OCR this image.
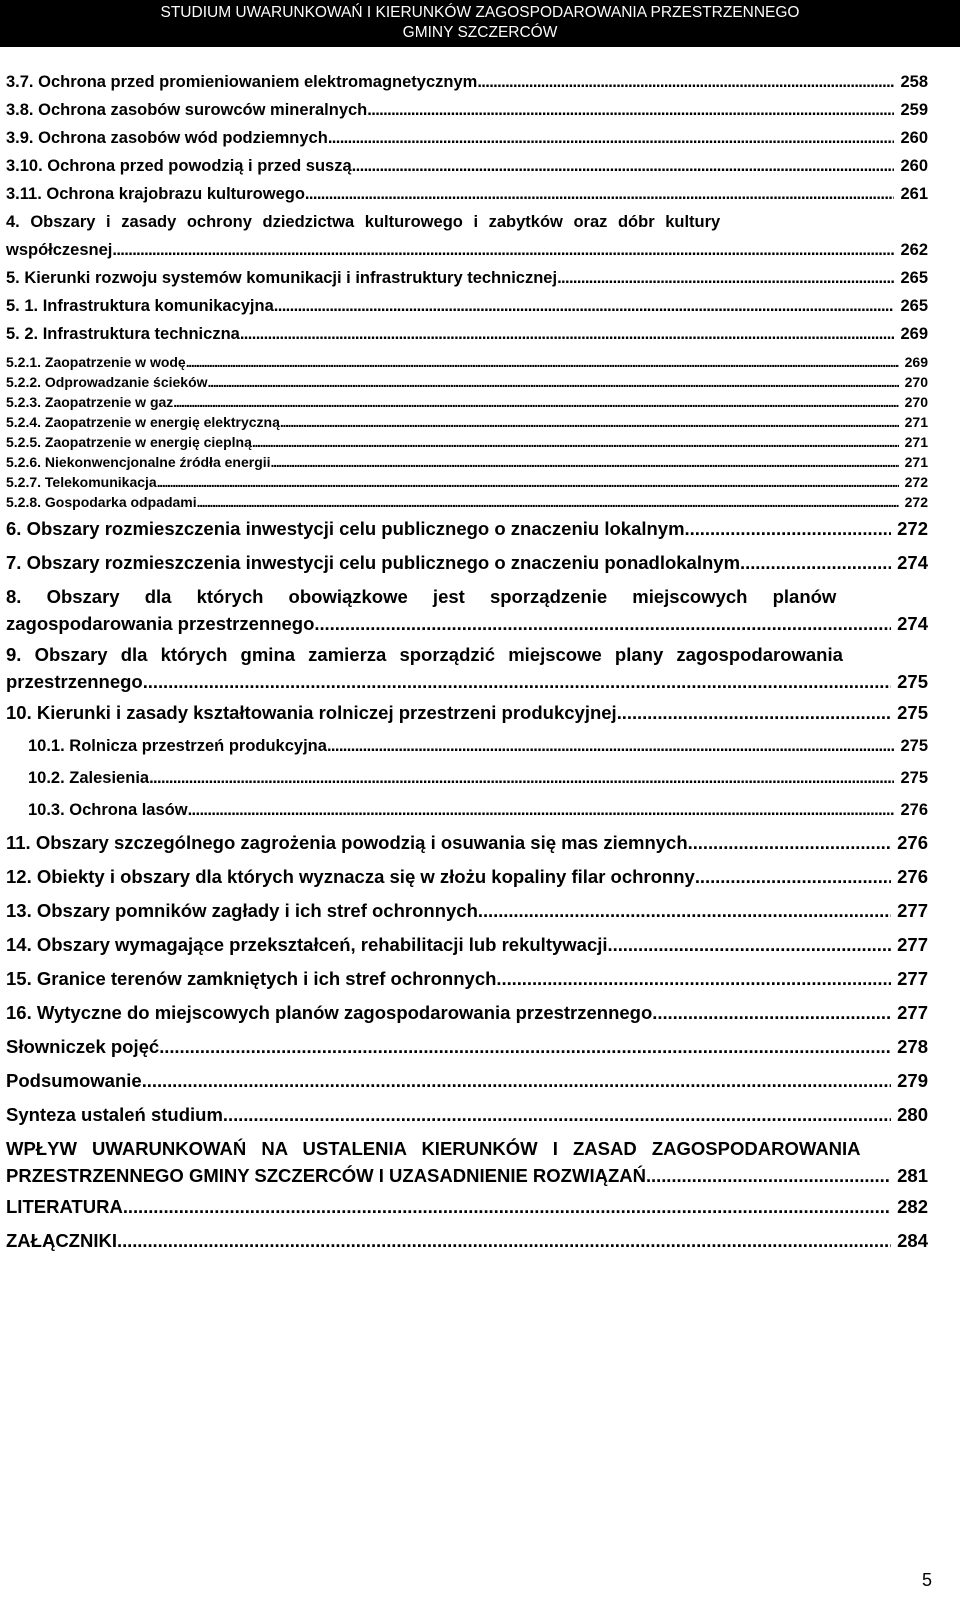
STUDIUM UWARUNKOWAŃ I KIERUNKÓW ZAGOSPODAROWANIA PRZESTRZENNEGO
GMINY SZCZERCÓW
3.7. Ochrona przed promieniowaniem elektromagnetycznym . . .	258
3.8. Ochrona zasobów surowców mineralnych . . .	259
3.9. Ochrona zasobów wód podziemnych . . .	260
3.10. Ochrona przed powodzią i przed suszą . . .	260
3.11. Ochrona krajobrazu kulturowego . . .	261
4. Obszary i zasady ochrony dziedzictwa kulturowego i zabytków oraz dóbr kultury
współczesnej . . .	262
5. Kierunki rozwoju systemów komunikacji i infrastruktury technicznej . . .	265
5. 1. Infrastruktura komunikacyjna . . .	265
5. 2. Infrastruktura techniczna . . .	269
5.2.1. Zaopatrzenie w wodę . . .	269
5.2.2. Odprowadzanie ścieków . . .	270
5.2.3. Zaopatrzenie w gaz . . .	270
5.2.4. Zaopatrzenie w energię elektryczną . . .	271
5.2.5. Zaopatrzenie w energię cieplną . . .	271
5.2.6. Niekonwencjonalne źródła energii . . .	271
5.2.7. Telekomunikacja . . .	272
5.2.8. Gospodarka odpadami . . .	272
6. Obszary rozmieszczenia inwestycji celu publicznego o znaczeniu lokalnym . . .	272
7. Obszary rozmieszczenia inwestycji celu publicznego o znaczeniu ponadlokalnym . . .	274
8. Obszary dla których obowiązkowe jest sporządzenie miejscowych planów
zagospodarowania przestrzennego . . .	274
9. Obszary dla których gmina zamierza sporządzić miejscowe plany zagospodarowania
przestrzennego . . .	275
10. Kierunki i zasady kształtowania rolniczej przestrzeni produkcyjnej . . .	275
10.1. Rolnicza przestrzeń produkcyjna . . .	275
10.2. Zalesienia . . .	275
10.3. Ochrona lasów . . .	276
11. Obszary szczególnego zagrożenia powodzią i osuwania się mas ziemnych . . .	276
12. Obiekty i obszary dla których wyznacza się w złożu kopaliny filar ochronny . . .	276
13. Obszary pomników zagłady i ich stref ochronnych . . .	277
14. Obszary wymagające przekształceń, rehabilitacji lub rekultywacji . . .	277
15. Granice terenów zamkniętych i ich stref ochronnych . . .	277
16. Wytyczne do miejscowych planów zagospodarowania przestrzennego . . .	277
Słowniczek pojęć . . .	278
Podsumowanie . . .	279
Synteza ustaleń studium . . .	280
WPŁYW UWARUNKOWAŃ NA USTALENIA KIERUNKÓW I ZASAD ZAGOSPODAROWANIA
PRZESTRZENNEGO GMINY SZCZERCÓW I UZASADNIENIE ROZWIĄZAŃ . . .	281
LITERATURA . . .	282
ZAŁĄCZNIKI . . .	284
5
